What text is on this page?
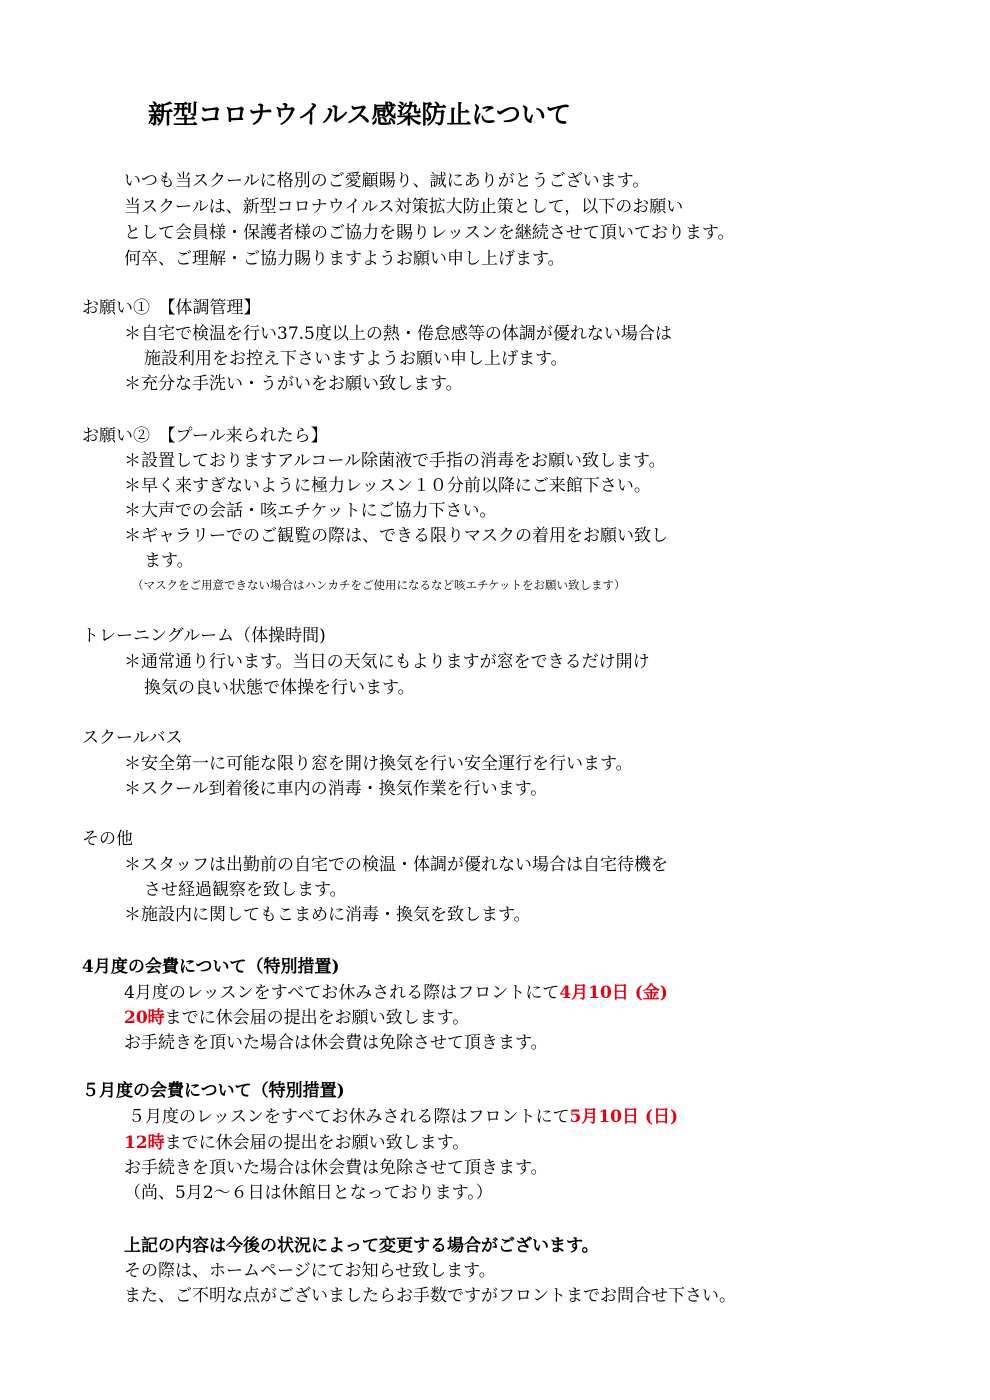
新型コロナウイルス感染防止について
いつも当スクールに格別のご愛顧賜り、誠にありがとうございます。
当スクールは、新型コロナウイルス対策拡大防止策として，以下のお願い
として会員様・保護者様のご協力を賜りレッスンを継続させて頂いております。
何卒、ご理解・ご協力賜りますようお願い申し上げます。
お願い①　【体調管理】
＊自宅で検温を行い37.5度以上の熱・倦怠感等の体調が優れない場合は
施設利用をお控え下さいますようお願い申し上げます。
＊充分な手洗い・うがいをお願い致します。
お願い②　【プール来られたら】
＊設置しておりますアルコール除菌液で手指の消毒をお願い致します。
＊早く来すぎないように極力レッスン１０分前以降にご来館下さい。
＊大声での会話・咳エチケットにご協力下さい。
＊ギャラリーでのご観覧の際は、できる限りマスクの着用をお願い致し
ます。
（マスクをご用意できない場合はハンカチをご使用になるなど咳エチケットをお願い致します）
トレーニングルーム（体操時間)
＊通常通り行います。当日の天気にもよりますが窓をできるだけ開け
換気の良い状態で体操を行います。
スクールバス
＊安全第一に可能な限り窓を開け換気を行い安全運行を行います。
＊スクール到着後に車内の消毒・換気作業を行います。
その他
＊スタッフは出勤前の自宅での検温・体調が優れない場合は自宅待機を
させ経過観察を致します。
＊施設内に関してもこまめに消毒・換気を致します。
4月度の会費について（特別措置)
4月度のレッスンをすべてお休みされる際はフロントにて4月10日 (金)
20時までに休会届の提出をお願い致します。
お手続きを頂いた場合は休会費は免除させて頂きます。
５月度の会費について（特別措置)
５月度のレッスンをすべてお休みされる際はフロントにて5月10日 (日)
12時までに休会届の提出をお願い致します。
お手続きを頂いた場合は休会費は免除させて頂きます。
（尚、5月2～６日は休館日となっております。）
上記の内容は今後の状況によって変更する場合がございます。
その際は、ホームページにてお知らせ致します。
また、ご不明な点がございましたらお手数ですがフロントまでお問合せ下さい。
